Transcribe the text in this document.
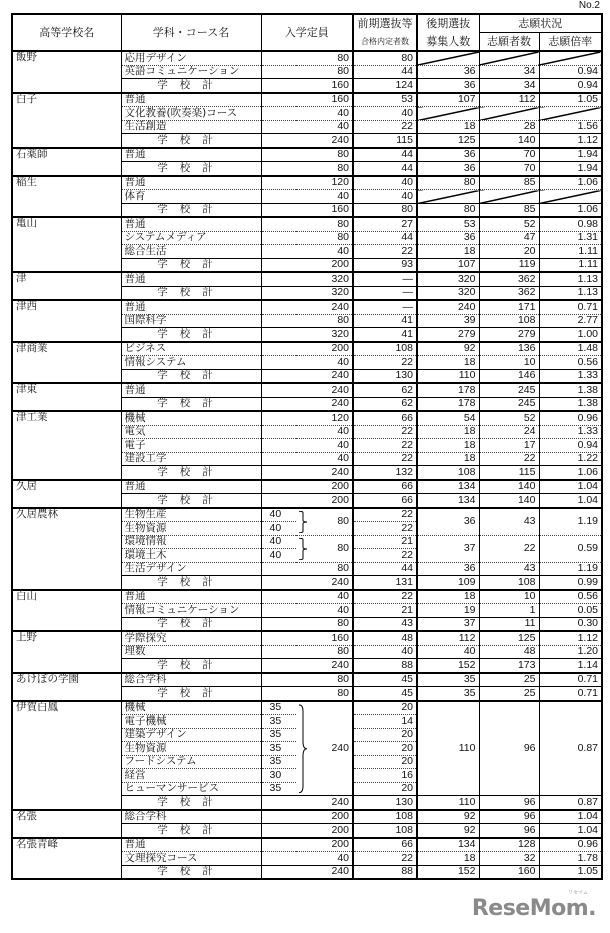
No.2
高等学校名	学科・コース名	入学定員		前期選抜等	後期選抜	志願状況	
				合格内定者数	募集人数	志願者数	志願倍率
飯野	応用デザイン	80		80			
	英語コミュニケーション	80		44	36	34	0.94
	学校計	160		124	36	34	0.94
白子	普通	160		53	107	112	1.05
	文化教養(吹奏楽)コース	40		40			
	生活創造	40		22	18	28	1.56
	学校計	240		115	125	140	1.12
石薬師	普通	80		44	36	70	1.94
	学校計	80		44	36	70	1.94
稲生	普通	120		40	80	85	1.06
	体育	40		40			
	学校計	160		80	80	85	1.06
亀山	普通	80		27	53	52	0.98
	システムメディア	80		44	36	47	1.31
	総合生活	40		22	18	20	1.11
	学校計	200		93	107	119	1.11
津	普通	320		―	320	362	1.13
	学校計	320		―	320	362	1.13
津西	普通	240		―	240	171	0.71
	国際科学	80		41	39	108	2.77
	学校計	320		41	279	279	1.00
津商業	ビジネス	200		108	92	136	1.48
	情報システム	40		22	18	10	0.56
	学校計	240		130	110	146	1.33
津東	普通	240		62	178	245	1.38
	学校計	240		62	178	245	1.38
津工業	機械	120		66	54	52	0.96
	電気	40		22	18	24	1.33
	電子	40		22	18	17	0.94
	建設工学	40		22	18	22	1.22
	学校計	240		132	108	115	1.06
久居	普通	200		66	134	140	1.04
	学校計	200		66	134	140	1.04
久居農林	生物生産	40	80	22	36	43	1.19
	生物資源	40		22			
	環境情報	40	80	21	37	22	0.59
	環境土木	40		22			
	生活デザイン	80		44	36	43	1.19
	学校計	240		131	109	108	0.99
白山	普通	40		22	18	10	0.56
	情報コミュニケーション	40		21	19	1	0.05
	学校計	80		43	37	11	0.30
上野	学際探究	160		48	112	125	1.12
	理数	80		40	40	48	1.20
	学校計	240		88	152	173	1.14
あけぼの学園	総合学科	80		45	35	25	0.71
	学校計	80		45	35	25	0.71
伊賀白鳳	機械	35	240	20	110	96	0.87
	電子機械	35		14			
	建築デザイン	35		20			
	生物資源	35		20			
	フードシステム	35		20			
	経営	30		16			
	ヒューマンサービス	35		20			
	学校計	240		130	110	96	0.87
名張	総合学科	200		108	92	96	1.04
	学校計	200		108	92	96	1.04
名張青峰	普通	200		66	134	128	0.96
	文理探究コース	40		22	18	32	1.78
	学校計	240		88	152	160	1.05
リセマム
ReseMom.
